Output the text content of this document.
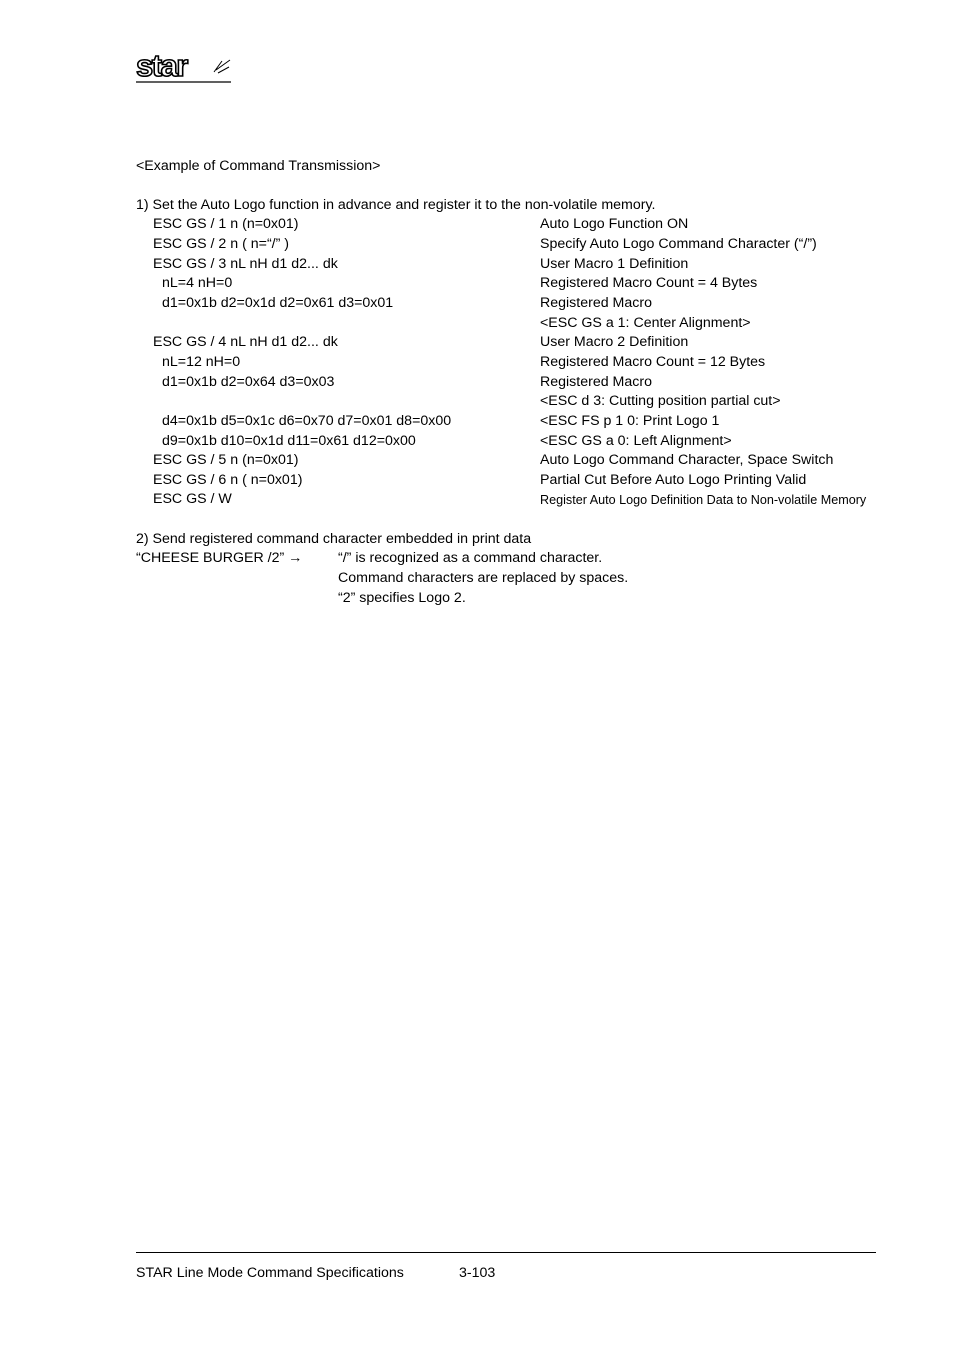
star
<Example of Command Transmission>
1) Set the Auto Logo function in advance and register it to the non-volatile memory.
ESC GS / 1 n (n=0x01)	Auto Logo Function ON
ESC GS / 2 n ( n=“/” )	Specify Auto Logo Command Character (“/”)
ESC GS / 3 nL nH d1 d2... dk	User Macro 1 Definition
nL=4 nH=0	Registered Macro Count = 4 Bytes
d1=0x1b d2=0x1d d2=0x61 d3=0x01	Registered Macro
<ESC GS a 1: Center Alignment>
ESC GS / 4 nL nH d1 d2... dk	User Macro 2 Definition
nL=12 nH=0	Registered Macro Count = 12 Bytes
d1=0x1b d2=0x64 d3=0x03	Registered Macro
<ESC d 3: Cutting position partial cut>
d4=0x1b d5=0x1c d6=0x70 d7=0x01 d8=0x00	<ESC FS p 1 0: Print Logo 1
d9=0x1b d10=0x1d d11=0x61 d12=0x00	<ESC GS a 0: Left Alignment>
ESC GS / 5 n (n=0x01)	Auto Logo Command Character, Space Switch
ESC GS / 6 n ( n=0x01)	Partial Cut Before Auto Logo Printing Valid
ESC GS / W	Register Auto Logo Definition Data to Non-volatile Memory
2) Send registered command character embedded in print data
“CHEESE BURGER /2” →	“/” is recognized as a command character.
Command characters are replaced by spaces.
“2” specifies Logo 2.
STAR Line Mode Command Specifications	3-103
